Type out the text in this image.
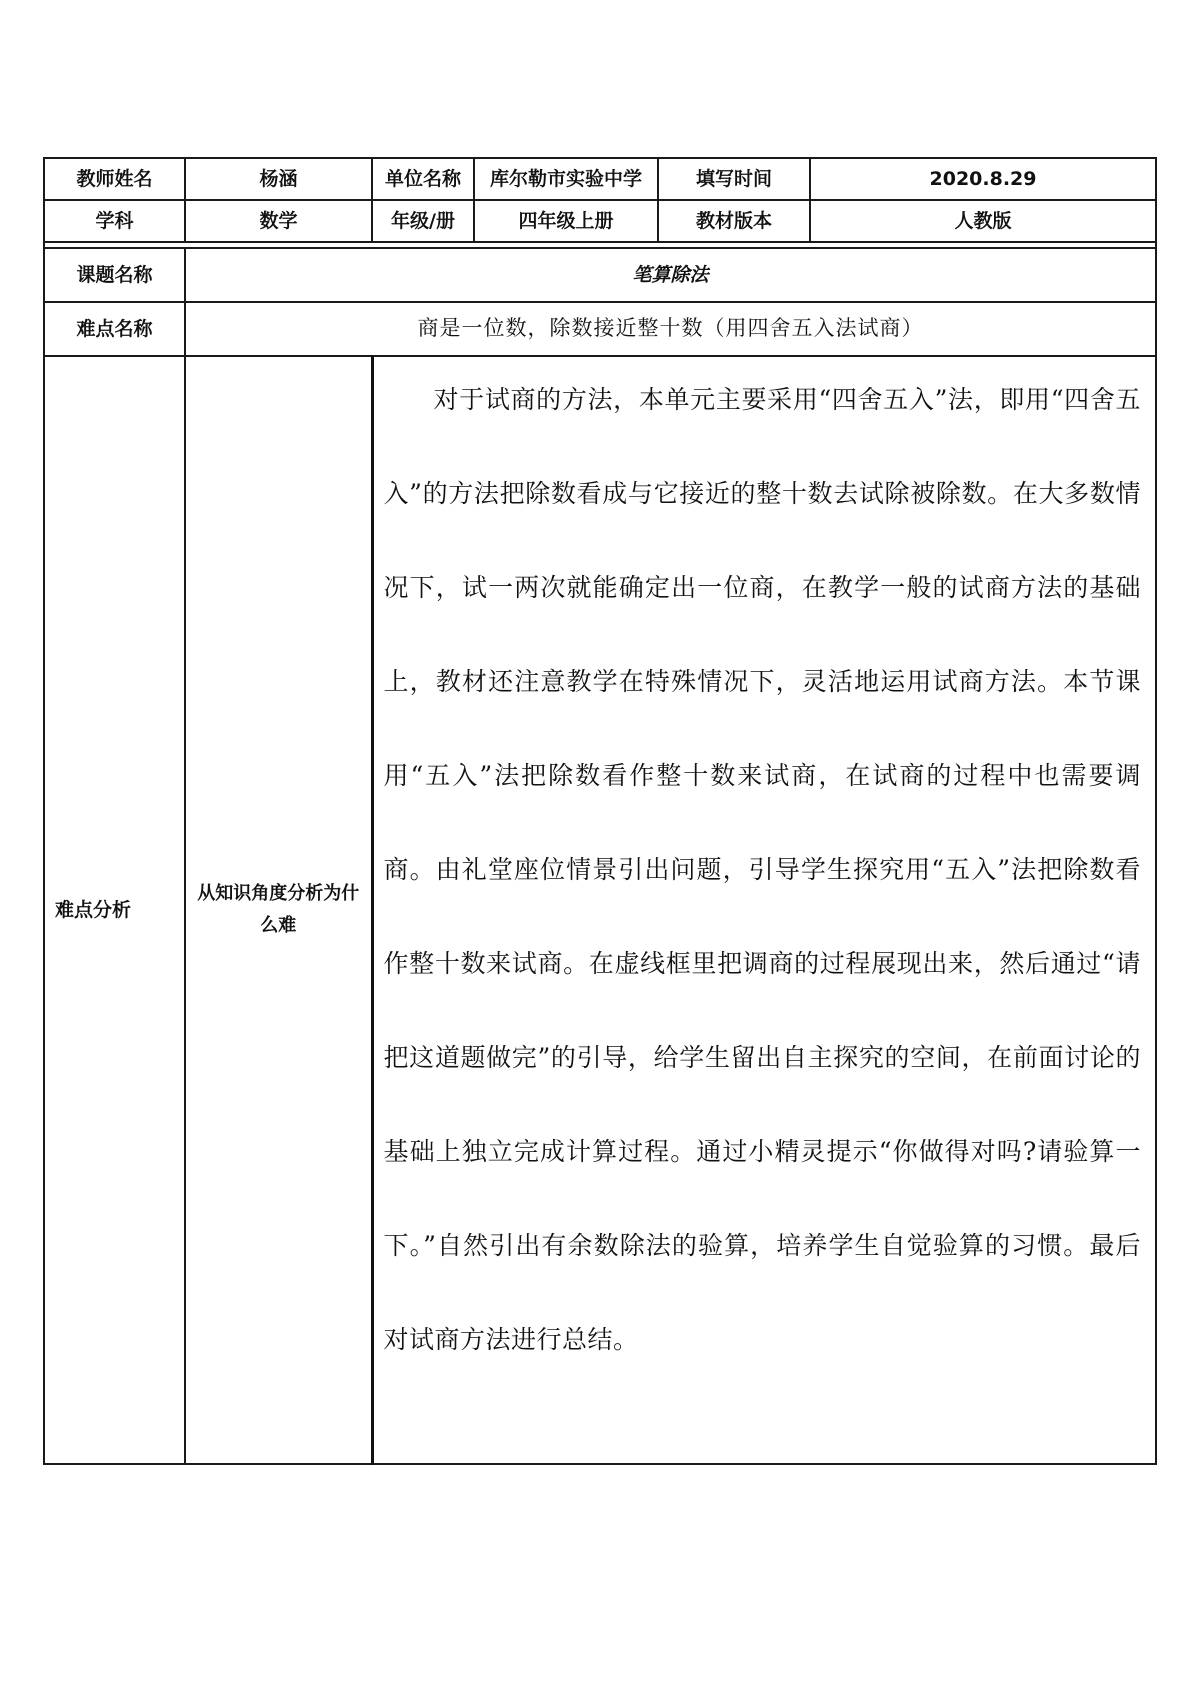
教师姓名	杨涵	单位名称	库尔勒市实验中学	填写时间	2020.8.29
学科	数学	年级/册	四年级上册	教材版本	人教版

课题名称	笔算除法				
难点名称	商是一位数，除数接近整十数（用四舍五入法试商）				
难点分析	从知识角度分析为什么难	对于试商的方法，本单元主要采用“四舍五入”法，即用“四舍五入”的方法把除数看成与它接近的整十数去试除被除数。在大多数情况下，试一两次就能确定出一位商，在教学一般的试商方法的基础上，教材还注意教学在特殊情况下，灵活地运用试商方法。本节课用“五入”法把除数看作整十数来试商，在试商的过程中也需要调商。由礼堂座位情景引出问题，引导学生探究用“五入”法把除数看作整十数来试商。在虚线框里把调商的过程展现出来，然后通过“请把这道题做完”的引导，给学生留出自主探究的空间，在前面讨论的基础上独立完成计算过程。通过小精灵提示“你做得对吗?请验算一下。”自然引出有余数除法的验算，培养学生自觉验算的习惯。最后对试商方法进行总结。			
